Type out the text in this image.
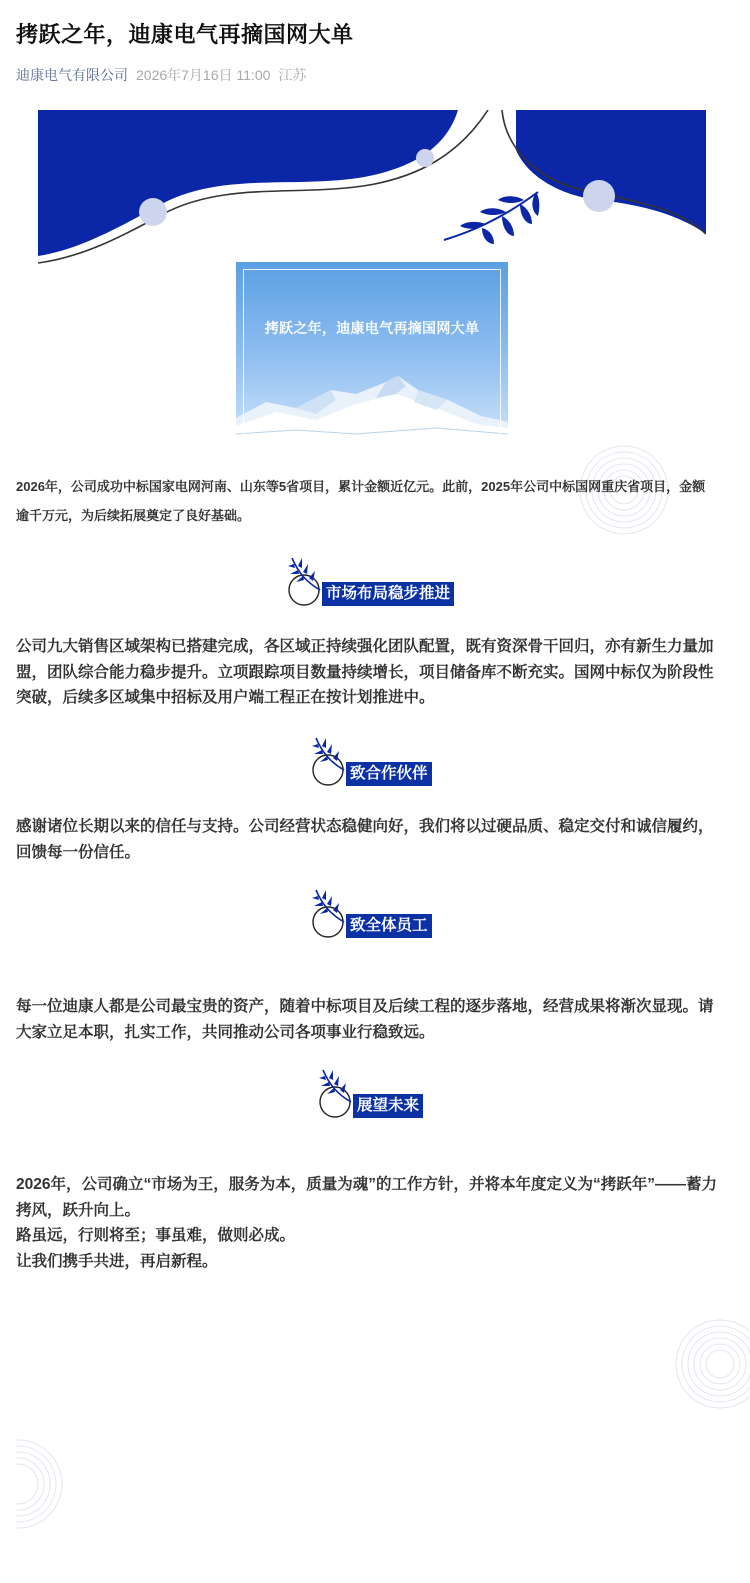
拷跃之年，迪康电气再摘国网大单
迪康电气有限公司 2026年7月16日 11:00 江苏
拷跃之年，迪康电气再摘国网大单

2026年，公司成功中标国家电网河南、山东等5省项目，累计金额近亿元。此前，2025年公司中标国网重庆省项目，金额逾千万元，为后续拓展奠定了良好基础。

市场布局稳步推进

公司九大销售区域架构已搭建完成，各区域正持续强化团队配置，既有资深骨干回归，亦有新生力量加盟，团队综合能力稳步提升。立项跟踪项目数量持续增长，项目储备库不断充实。国网中标仅为阶段性突破，后续多区域集中招标及用户端工程正在按计划推进中。

致合作伙伴

感谢诸位长期以来的信任与支持。公司经营状态稳健向好，我们将以过硬品质、稳定交付和诚信履约，回馈每一份信任。

致全体员工

每一位迪康人都是公司最宝贵的资产，随着中标项目及后续工程的逐步落地，经营成果将渐次显现。请大家立足本职，扎实工作，共同推动公司各项事业行稳致远。

展望未来
2026年，公司确立“市场为王，服务为本，质量为魂”的工作方针，并将本年度定义为“拷跃年”——蓄力拷风，跃升向上。
路虽远，行则将至；事虽难，做则必成。
让我们携手共进，再启新程。
